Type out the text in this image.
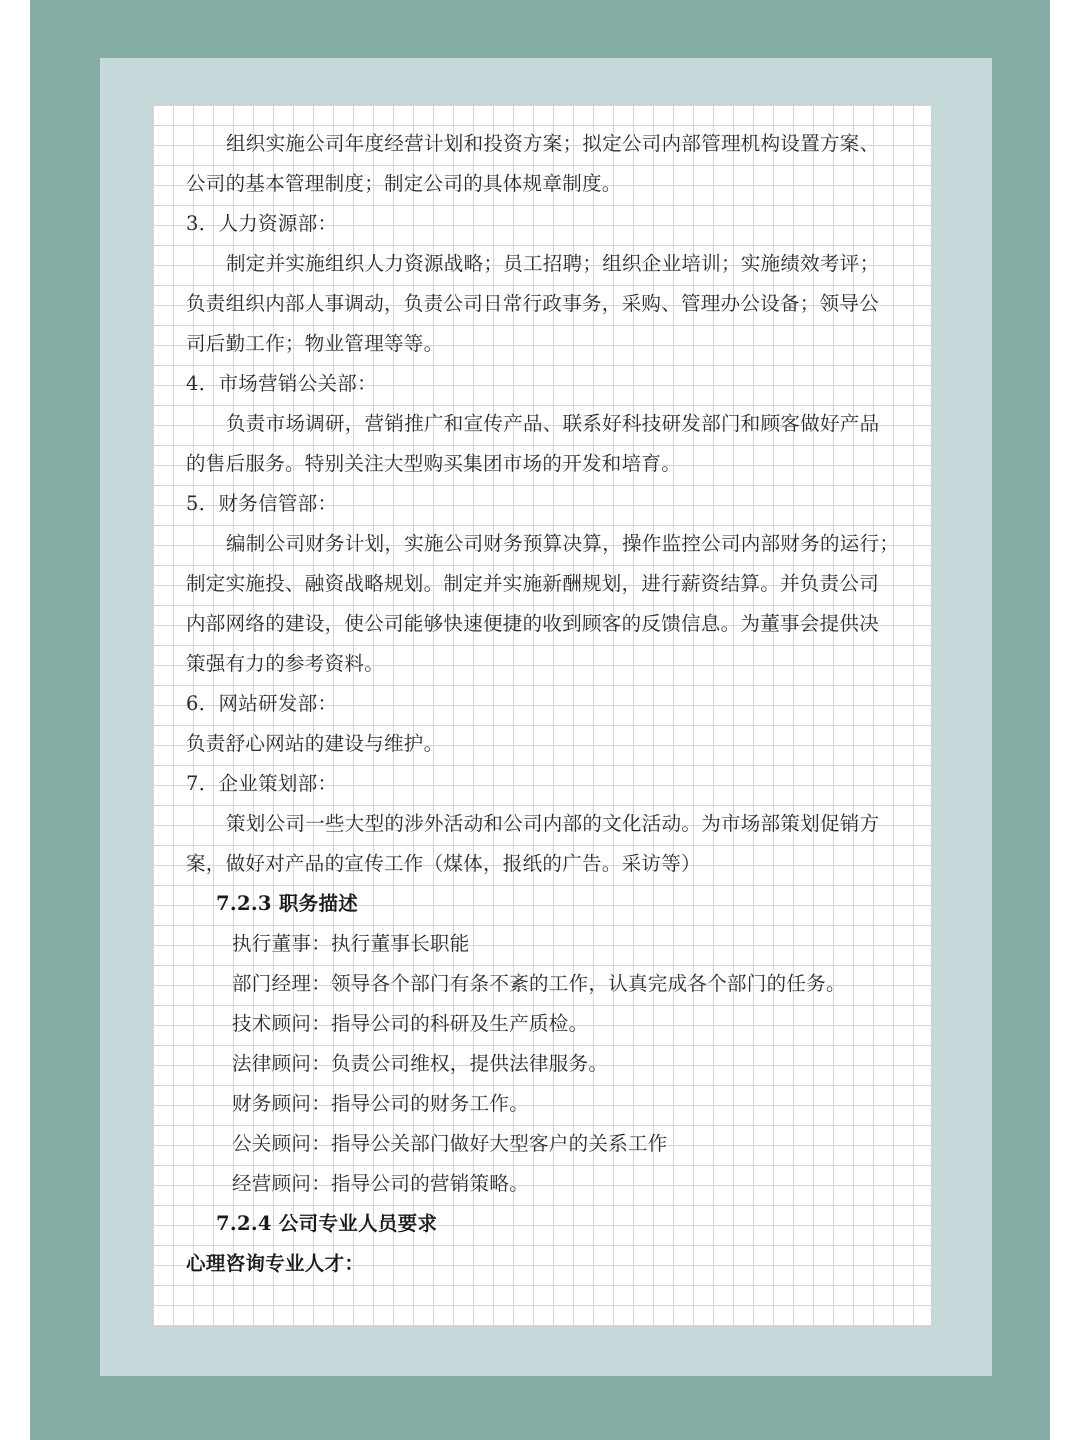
组织实施公司年度经营计划和投资方案；拟定公司内部管理机构设置方案、
公司的基本管理制度；制定公司的具体规章制度。
3．人力资源部：
制定并实施组织人力资源战略；员工招聘；组织企业培训；实施绩效考评；
负责组织内部人事调动，负责公司日常行政事务，采购、管理办公设备；领导公
司后勤工作；物业管理等等。
4．市场营销公关部：
负责市场调研，营销推广和宣传产品、联系好科技研发部门和顾客做好产品
的售后服务。特别关注大型购买集团市场的开发和培育。
5．财务信管部：
编制公司财务计划，实施公司财务预算决算，操作监控公司内部财务的运行；
制定实施投、融资战略规划。制定并实施新酬规划，进行薪资结算。并负责公司
内部网络的建设，使公司能够快速便捷的收到顾客的反馈信息。为董事会提供决
策强有力的参考资料。
6．网站研发部：
负责舒心网站的建设与维护。
7．企业策划部：
策划公司一些大型的涉外活动和公司内部的文化活动。为市场部策划促销方
案，做好对产品的宣传工作（煤体，报纸的广告。采访等）
7.2.3 职务描述
执行董事：执行董事长职能
部门经理：领导各个部门有条不紊的工作，认真完成各个部门的任务。
技术顾问：指导公司的科研及生产质检。
法律顾问：负责公司维权，提供法律服务。
财务顾问：指导公司的财务工作。
公关顾问：指导公关部门做好大型客户的关系工作
经营顾问：指导公司的营销策略。
7.2.4 公司专业人员要求
心理咨询专业人才：
